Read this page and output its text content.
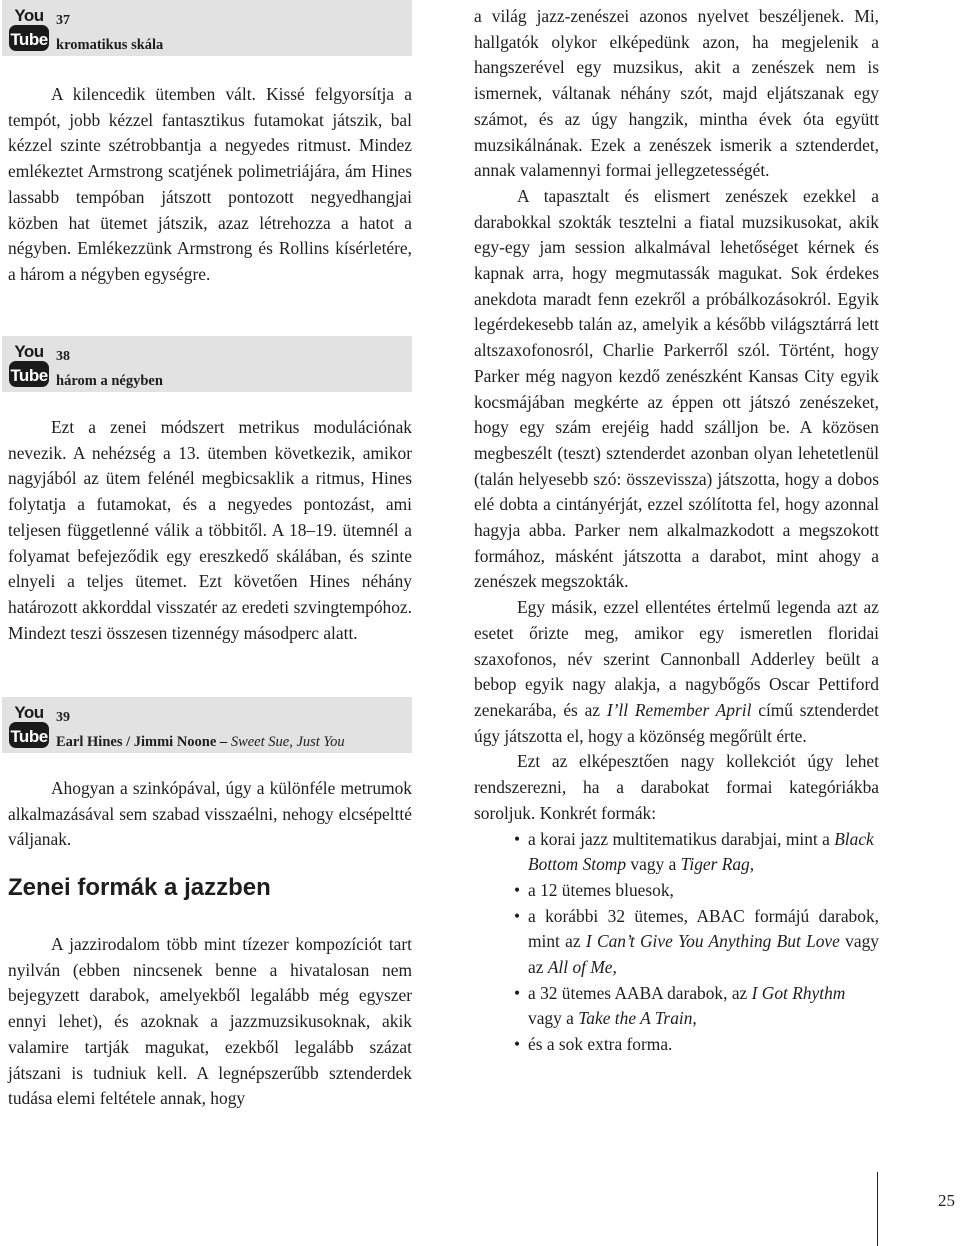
37
kromatikus skála

A kilencedik ütemben vált. Kissé felgyorsítja a tempót, jobb kézzel fantasztikus futamokat játszik, bal kézzel szinte szétrobbantja a negyedes ritmust. Mindez emlékeztet Armstrong scatjének polimetriájára, ám Hines lassabb tempóban játszott pontozott negyedhangjai közben hat ütemet játszik, azaz létrehozza a hatot a négyben. Emlékezzünk Armstrong és Rollins kísérletére, a három a négyben egységre.

38
három a négyben

Ezt a zenei módszert metrikus modulációnak nevezik. A nehézség a 13. ütemben következik, amikor nagyjából az ütem felénél megbicsaklik a ritmus, Hines folytatja a futamokat, és a negyedes pontozást, ami teljesen függetlenné válik a többitől. A 18–19. ütemnél a folyamat befejeződik egy ereszkedő skálában, és szinte elnyeli a teljes ütemet. Ezt követően Hines néhány határozott akkorddal visszatér az eredeti szvingtempóhoz. Mindezt teszi összesen tizennégy másodperc alatt.

39
Earl Hines / Jimmi Noone – Sweet Sue, Just You

Ahogyan a szinkópával, úgy a különféle metrumok alkalmazásával sem szabad visszaélni, nehogy elcsépeltté váljanak.

Zenei formák a jazzben

A jazzirodalom több mint tízezer kompozíciót tart nyilván (ebben nincsenek benne a hivatalosan nem bejegyzett darabok, amelyekből legalább még egyszer ennyi lehet), és azoknak a jazzmuzsikusoknak, akik valamire tartják magukat, ezekből legalább százat játszani is tudniuk kell. A legnépszerűbb sztenderdek tudása elemi feltétele annak, hogy

a világ jazz-zenészei azonos nyelvet beszéljenek. Mi, hallgatók olykor elképedünk azon, ha megjelenik a hangszerével egy muzsikus, akit a zenészek nem is ismernek, váltanak néhány szót, majd eljátszanak egy számot, és az úgy hangzik, mintha évek óta együtt muzsikálnának. Ezek a zenészek ismerik a sztenderdet, annak valamennyi formai jellegzetességét.

A tapasztalt és elismert zenészek ezekkel a darabokkal szokták tesztelni a fiatal muzsikusokat, akik egy-egy jam session alkalmával lehetőséget kérnek és kapnak arra, hogy megmutassák magukat. Sok érdekes anekdota maradt fenn ezekről a próbálkozásokról. Egyik legérdekesebb talán az, amelyik a később világsztárrá lett altszaxofonosról, Charlie Parkerről szól. Történt, hogy Parker még nagyon kezdő zenészként Kansas City egyik kocsmájában megkérte az éppen ott játszó zenészeket, hogy egy szám erejéig hadd szálljon be. A közösen megbeszélt (teszt) sztenderdet azonban olyan lehetetlenül (talán helyesebb szó: összevissza) játszotta, hogy a dobos elé dobta a cintányérját, ezzel szólította fel, hogy azonnal hagyja abba. Parker nem alkalmazkodott a megszokott formához, másként játszotta a darabot, mint ahogy a zenészek megszokták.

Egy másik, ezzel ellentétes értelmű legenda azt az esetet őrizte meg, amikor egy ismeretlen floridai szaxofonos, név szerint Cannonball Adderley beült a bebop egyik nagy alakja, a nagybőgős Oscar Pettiford zenekarába, és az I’ll Remember April című sztenderdet úgy játszotta el, hogy a közönség megőrült érte.

Ezt az elképesztően nagy kollekciót úgy lehet rendszerezni, ha a darabokat formai kategóriákba soroljuk. Konkrét formák:

• a korai jazz multitematikus darabjai, mint a Black Bottom Stomp vagy a Tiger Rag,
• a 12 ütemes bluesok,
• a korábbi 32 ütemes, ABAC formájú darabok, mint az I Can’t Give You Anything But Love vagy az All of Me,
• a 32 ütemes AABA darabok, az I Got Rhythm vagy a Take the A Train,
• és a sok extra forma.
25
